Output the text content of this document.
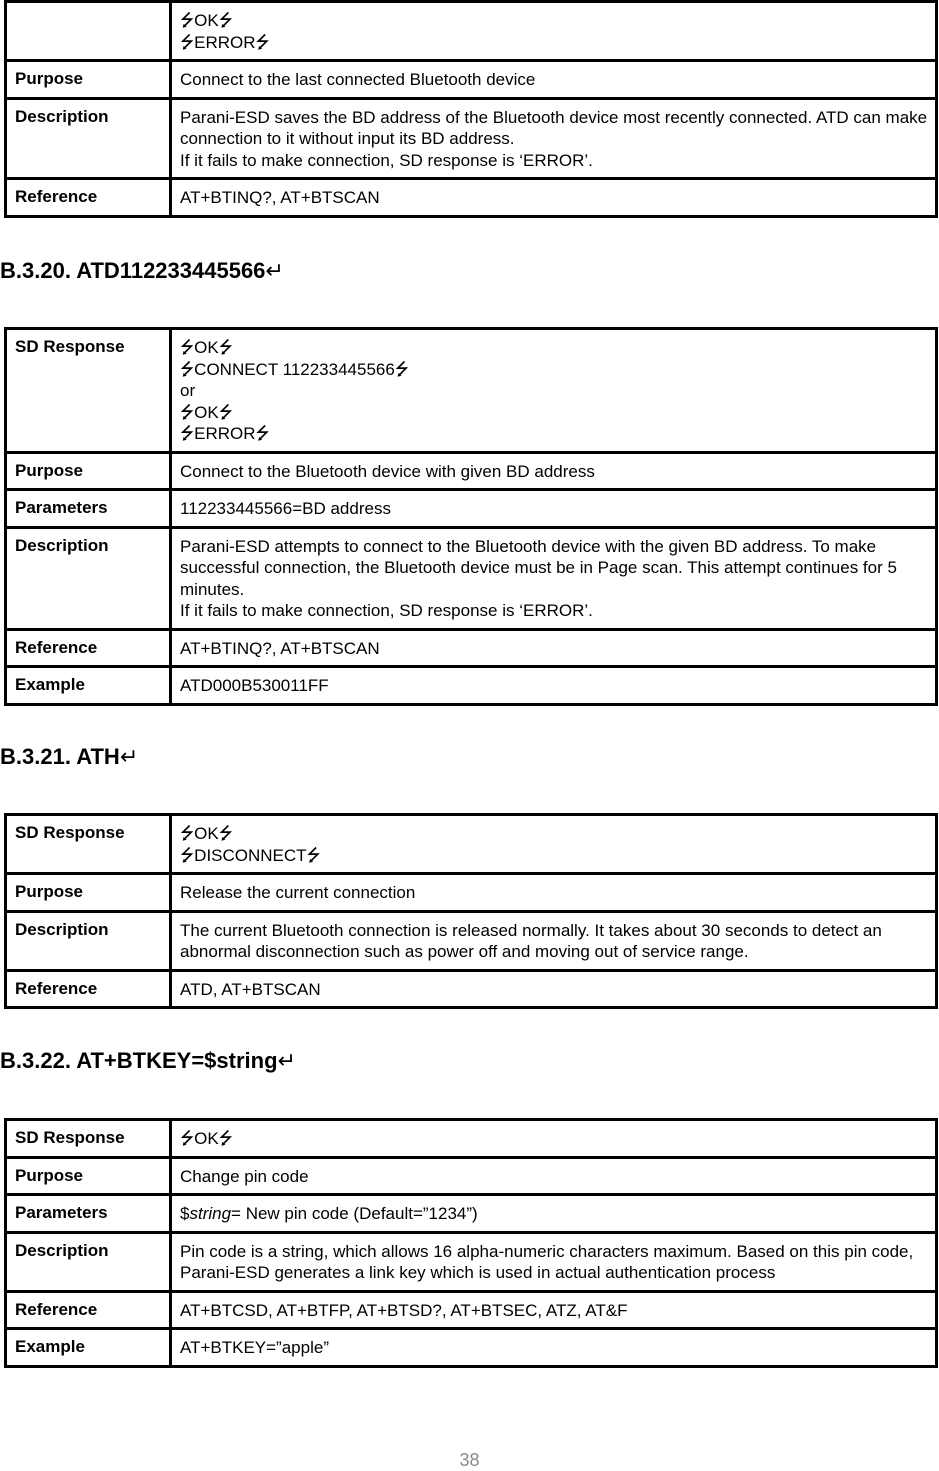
	⭍OK⭍
⭍ERROR⭍

Purpose	Connect to the last connected Bluetooth device

Description	Parani-ESD saves the BD address of the Bluetooth device most recently connected. ATD can make connection to it without input its BD address.
If it fails to make connection, SD response is ‘ERROR’.

Reference	AT+BTINQ?, AT+BTSCAN
B.3.20. ATD112233445566↵
SD Response	⭍OK⭍
⭍CONNECT 112233445566⭍
or
⭍OK⭍
⭍ERROR⭍

Purpose	Connect to the Bluetooth device with given BD address

Parameters	112233445566=BD address

Description	Parani-ESD attempts to connect to the Bluetooth device with the given BD address. To make successful connection, the Bluetooth device must be in Page scan. This attempt continues for 5 minutes.
If it fails to make connection, SD response is ‘ERROR’.

Reference	AT+BTINQ?, AT+BTSCAN

Example	ATD000B530011FF
B.3.21. ATH↵
SD Response	⭍OK⭍
⭍DISCONNECT⭍

Purpose	Release the current connection

Description	The current Bluetooth connection is released normally. It takes about 30 seconds to detect an abnormal disconnection such as power off and moving out of service range.

Reference	ATD, AT+BTSCAN
B.3.22. AT+BTKEY=$string↵
SD Response	⭍OK⭍

Purpose	Change pin code

Parameters	$string= New pin code (Default=”1234”)

Description	Pin code is a string, which allows 16 alpha-numeric characters maximum. Based on this pin code, Parani-ESD generates a link key which is used in actual authentication process

Reference	AT+BTCSD, AT+BTFP, AT+BTSD?, AT+BTSEC, ATZ, AT&F

Example	AT+BTKEY=”apple”
38
